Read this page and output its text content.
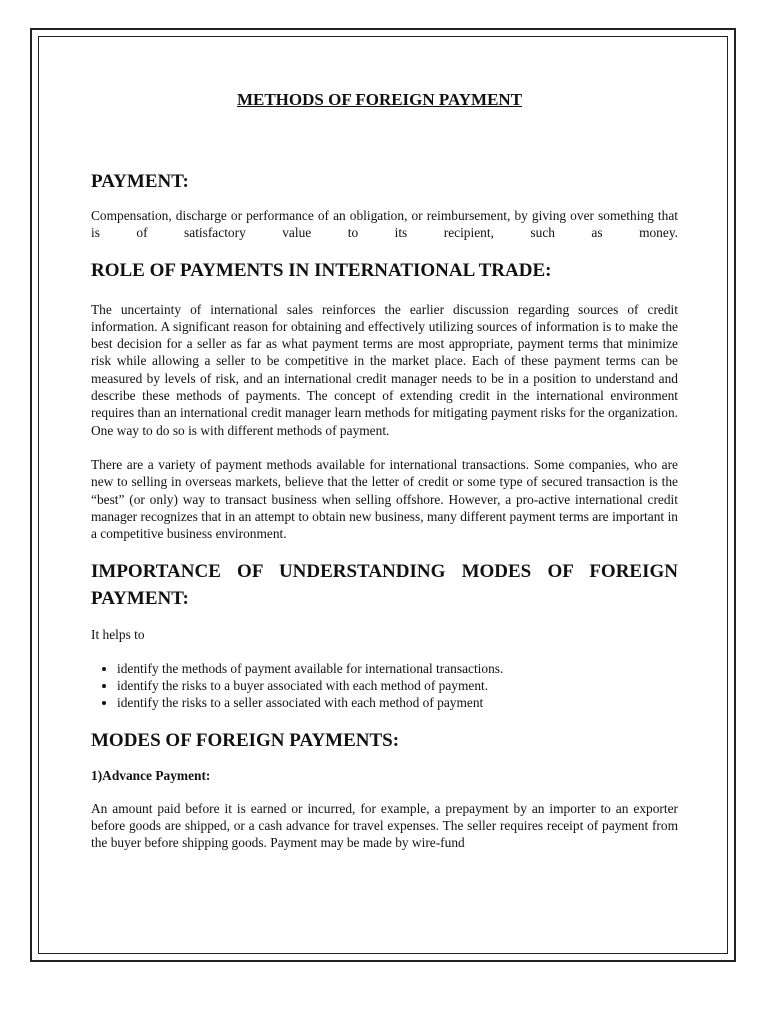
METHODS OF FOREIGN PAYMENT
PAYMENT:

Compensation, discharge or performance of an obligation, or reimbursement, by giving over something that is of satisfactory value to its recipient, such as money.

ROLE OF PAYMENTS IN INTERNATIONAL TRADE:

The uncertainty of international sales reinforces the earlier discussion regarding sources of credit information. A significant reason for obtaining and effectively utilizing sources of information is to make the best decision for a seller as far as what payment terms are most appropriate, payment terms that minimize risk while allowing a seller to be competitive in the market place. Each of these payment terms can be measured by levels of risk, and an international credit manager needs to be in a position to understand and describe these methods of payments. The concept of extending credit in the international environment requires than an international credit manager learn methods for mitigating payment risks for the organization. One way to do so is with different methods of payment.

There are a variety of payment methods available for international transactions. Some companies, who are new to selling in overseas markets, believe that the letter of credit or some type of secured transaction is the “best” (or only) way to transact business when selling offshore. However, a pro-active international credit manager recognizes that in an attempt to obtain new business, many different payment terms are important in a competitive business environment.

IMPORTANCE OF UNDERSTANDING MODES OF FOREIGN PAYMENT:

It helps to

• identify the methods of payment available for international transactions.
• identify the risks to a buyer associated with each method of payment.
• identify the risks to a seller associated with each method of payment
MODES OF FOREIGN PAYMENTS:
1)Advance Payment:

An amount paid before it is earned or incurred, for example, a prepayment by an importer to an exporter before goods are shipped, or a cash advance for travel expenses. The seller requires receipt of payment from the buyer before shipping goods. Payment may be made by wire-fund
